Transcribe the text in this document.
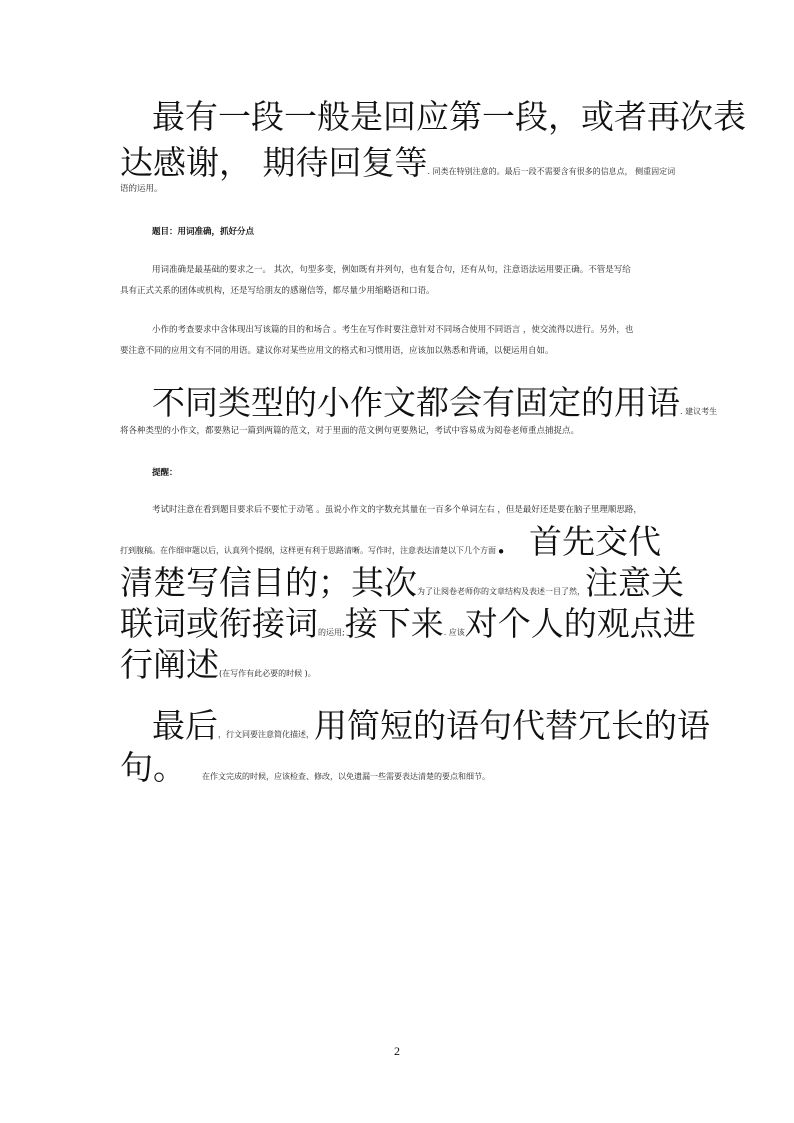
最有一段一般是回应第一段，或者再次表
达感谢， 期待回复等. 同类在特别注意的。最后一段不需要含有很多的信息点， 侧重固定词
语的运用。
题目：用词准确，抓好分点
用词准确是最基础的要求之一。 其次，句型多变，例如既有并列句，也有复合句，还有从句，注意语法运用要正确。不管是写给
具有正式关系的团体或机构，还是写给朋友的感谢信等，都尽量少用缩略语和口语。
小作的考查要求中含体现出写该篇的目的和场合 。考生在写作时要注意针对不同场合使用不同语言 ，使交流得以进行。另外，也
要注意不同的应用文有不同的用语。建议你对某些应用文的格式和习惯用语，应该加以熟悉和背诵，以便运用自如。
不同类型的小作文都会有固定的用语. 建议考生
将各种类型的小作文，都要熟记一篇到两篇的范文，对于里面的范文例句更要熟记，考试中容易成为阅卷老师重点捕捉点。
提醒：
考试时注意在看到题目要求后不要忙于动笔 。虽说小作文的字数充其量在一百多个单词左右 ，但是最好还是要在脑子里理顺思路，
打到腹稿。在作细审题以后，认真列个提纲，这样更有利于思路清晰。写作时，注意表达清楚以下几个方面．首先交代
清楚写信目的；其次为了让阅卷老师你的文章结构及表述一目了然，注意关
联词或衔接词的运用;接下来. 应该对个人的观点进
行阐述(在写作有此必要的时候 )。
最后，行文同要注意简化描述，用简短的语句代替冗长的语
句。 在作文完成的时候，应该检查、修改，以免遗漏一些需要表达清楚的要点和细节。
2
